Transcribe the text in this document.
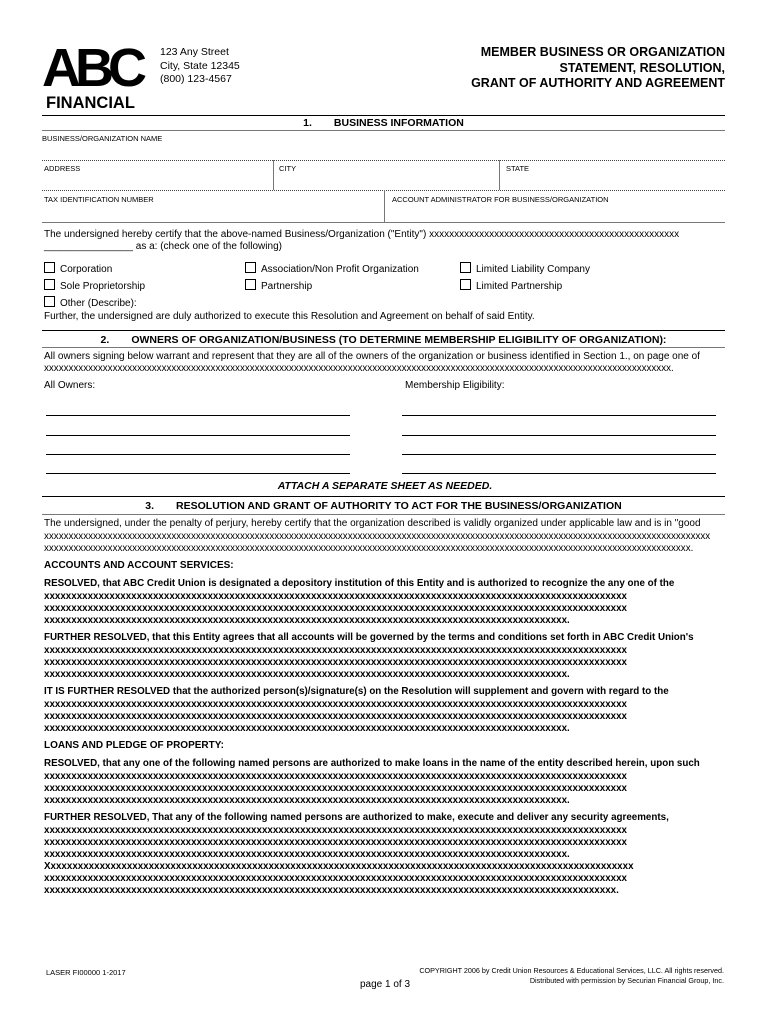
ABC
FINANCIAL
123 Any Street
City, State 12345
(800) 123-4567
MEMBER BUSINESS OR ORGANIZATION
STATEMENT, RESOLUTION,
GRANT OF AUTHORITY AND AGREEMENT
1. BUSINESS INFORMATION
BUSINESS/ORGANIZATION NAME
ADDRESS	CITY	STATE
TAX IDENTIFICATION NUMBER	ACCOUNT ADMINISTRATOR FOR BUSINESS/ORGANIZATION
The undersigned hereby certify that the above-named Business/Organization ("Entity") xxxxxxxxxxxxxxxxxxxxxxxxxxxxxxxxxxxxxxxxxxxxxxxxxx
________________ as a: (check one of the following)
Corporation	Association/Non Profit Organization	Limited Liability Company
Sole Proprietorship	Partnership	Limited Partnership
Other (Describe):
Further, the undersigned are duly authorized to execute this Resolution and Agreement on behalf of said Entity.
2. OWNERS OF ORGANIZATION/BUSINESS (TO DETERMINE MEMBERSHIP ELIGIBILITY OF ORGANIZATION):
All owners signing below warrant and represent that they are all of the owners of the organization or business identified in Section 1., on page one of
xxxxxxxxxxxxxxxxxxxxxxxxxxxxxxxxxxxxxxxxxxxxxxxxxxxxxxxxxxxxxxxxxxxxxxxxxxxxxxxxxxxxxxxxxxxxxxxxxxxxxxxxxxxxxxxxxxxxxxxxxxxxxxxx.
All Owners:	Membership Eligibility:
ATTACH A SEPARATE SHEET AS NEEDED.
3. RESOLUTION AND GRANT OF AUTHORITY TO ACT FOR THE BUSINESS/ORGANIZATION
The undersigned, under the penalty of perjury, hereby certify that the organization described is validly organized under applicable law and is in "good
xxxxxxxxxxxxxxxxxxxxxxxxxxxxxxxxxxxxxxxxxxxxxxxxxxxxxxxxxxxxxxxxxxxxxxxxxxxxxxxxxxxxxxxxxxxxxxxxxxxxxxxxxxxxxxxxxxxxxxxxxxxxxxxxxxxxxxxx
xxxxxxxxxxxxxxxxxxxxxxxxxxxxxxxxxxxxxxxxxxxxxxxxxxxxxxxxxxxxxxxxxxxxxxxxxxxxxxxxxxxxxxxxxxxxxxxxxxxxxxxxxxxxxxxxxxxxxxxxxxxxxxxxxxxx.
ACCOUNTS AND ACCOUNT SERVICES:
RESOLVED, that ABC Credit Union is designated a depository institution of this Entity and is authorized to recognize the any one of the
xxxxxxxxxxxxxxxxxxxxxxxxxxxxxxxxxxxxxxxxxxxxxxxxxxxxxxxxxxxxxxxxxxxxxxxxxxxxxxxxxxxxxxxxxxxxxxxxxxxxxxxxxxx
xxxxxxxxxxxxxxxxxxxxxxxxxxxxxxxxxxxxxxxxxxxxxxxxxxxxxxxxxxxxxxxxxxxxxxxxxxxxxxxxxxxxxxxxxxxxxxxxxxxxxxxxxxx
xxxxxxxxxxxxxxxxxxxxxxxxxxxxxxxxxxxxxxxxxxxxxxxxxxxxxxxxxxxxxxxxxxxxxxxxxxxxxxxxxxxxxxxxxxxxxxxx.
FURTHER RESOLVED, that this Entity agrees that all accounts will be governed by the terms and conditions set forth in ABC Credit Union's
xxxxxxxxxxxxxxxxxxxxxxxxxxxxxxxxxxxxxxxxxxxxxxxxxxxxxxxxxxxxxxxxxxxxxxxxxxxxxxxxxxxxxxxxxxxxxxxxxxxxxxxxxxx
xxxxxxxxxxxxxxxxxxxxxxxxxxxxxxxxxxxxxxxxxxxxxxxxxxxxxxxxxxxxxxxxxxxxxxxxxxxxxxxxxxxxxxxxxxxxxxxxxxxxxxxxxxx
xxxxxxxxxxxxxxxxxxxxxxxxxxxxxxxxxxxxxxxxxxxxxxxxxxxxxxxxxxxxxxxxxxxxxxxxxxxxxxxxxxxxxxxxxxxxxxxx.
IT IS FURTHER RESOLVED that the authorized person(s)/signature(s) on the Resolution will supplement and govern with regard to the
xxxxxxxxxxxxxxxxxxxxxxxxxxxxxxxxxxxxxxxxxxxxxxxxxxxxxxxxxxxxxxxxxxxxxxxxxxxxxxxxxxxxxxxxxxxxxxxxxxxxxxxxxxx
xxxxxxxxxxxxxxxxxxxxxxxxxxxxxxxxxxxxxxxxxxxxxxxxxxxxxxxxxxxxxxxxxxxxxxxxxxxxxxxxxxxxxxxxxxxxxxxxxxxxxxxxxxx
xxxxxxxxxxxxxxxxxxxxxxxxxxxxxxxxxxxxxxxxxxxxxxxxxxxxxxxxxxxxxxxxxxxxxxxxxxxxxxxxxxxxxxxxxxxxxxxx.
LOANS AND PLEDGE OF PROPERTY:
RESOLVED, that any one of the following named persons are authorized to make loans in the name of the entity described herein, upon such
xxxxxxxxxxxxxxxxxxxxxxxxxxxxxxxxxxxxxxxxxxxxxxxxxxxxxxxxxxxxxxxxxxxxxxxxxxxxxxxxxxxxxxxxxxxxxxxxxxxxxxxxxxx
xxxxxxxxxxxxxxxxxxxxxxxxxxxxxxxxxxxxxxxxxxxxxxxxxxxxxxxxxxxxxxxxxxxxxxxxxxxxxxxxxxxxxxxxxxxxxxxxxxxxxxxxxxx
xxxxxxxxxxxxxxxxxxxxxxxxxxxxxxxxxxxxxxxxxxxxxxxxxxxxxxxxxxxxxxxxxxxxxxxxxxxxxxxxxxxxxxxxxxxxxxxx.
FURTHER RESOLVED, That any of the following named persons are authorized to make, execute and deliver any security agreements,
xxxxxxxxxxxxxxxxxxxxxxxxxxxxxxxxxxxxxxxxxxxxxxxxxxxxxxxxxxxxxxxxxxxxxxxxxxxxxxxxxxxxxxxxxxxxxxxxxxxxxxxxxxx
xxxxxxxxxxxxxxxxxxxxxxxxxxxxxxxxxxxxxxxxxxxxxxxxxxxxxxxxxxxxxxxxxxxxxxxxxxxxxxxxxxxxxxxxxxxxxxxxxxxxxxxxxxx
xxxxxxxxxxxxxxxxxxxxxxxxxxxxxxxxxxxxxxxxxxxxxxxxxxxxxxxxxxxxxxxxxxxxxxxxxxxxxxxxxxxxxxxxxxxxxxxx.
Xxxxxxxxxxxxxxxxxxxxxxxxxxxxxxxxxxxxxxxxxxxxxxxxxxxxxxxxxxxxxxxxxxxxxxxxxxxxxxxxxxxxxxxxxxxxxxxxxxxxxxxxxxxx
xxxxxxxxxxxxxxxxxxxxxxxxxxxxxxxxxxxxxxxxxxxxxxxxxxxxxxxxxxxxxxxxxxxxxxxxxxxxxxxxxxxxxxxxxxxxxxxxxxxxxxxxxxx
xxxxxxxxxxxxxxxxxxxxxxxxxxxxxxxxxxxxxxxxxxxxxxxxxxxxxxxxxxxxxxxxxxxxxxxxxxxxxxxxxxxxxxxxxxxxxxxxxxxxxxxxx.
LASER FI00000 1-2017
page 1 of 3
COPYRIGHT 2006 by Credit Union Resources & Educational Services, LLC. All rights reserved.
Distributed with permission by Securian Financial Group, Inc.
